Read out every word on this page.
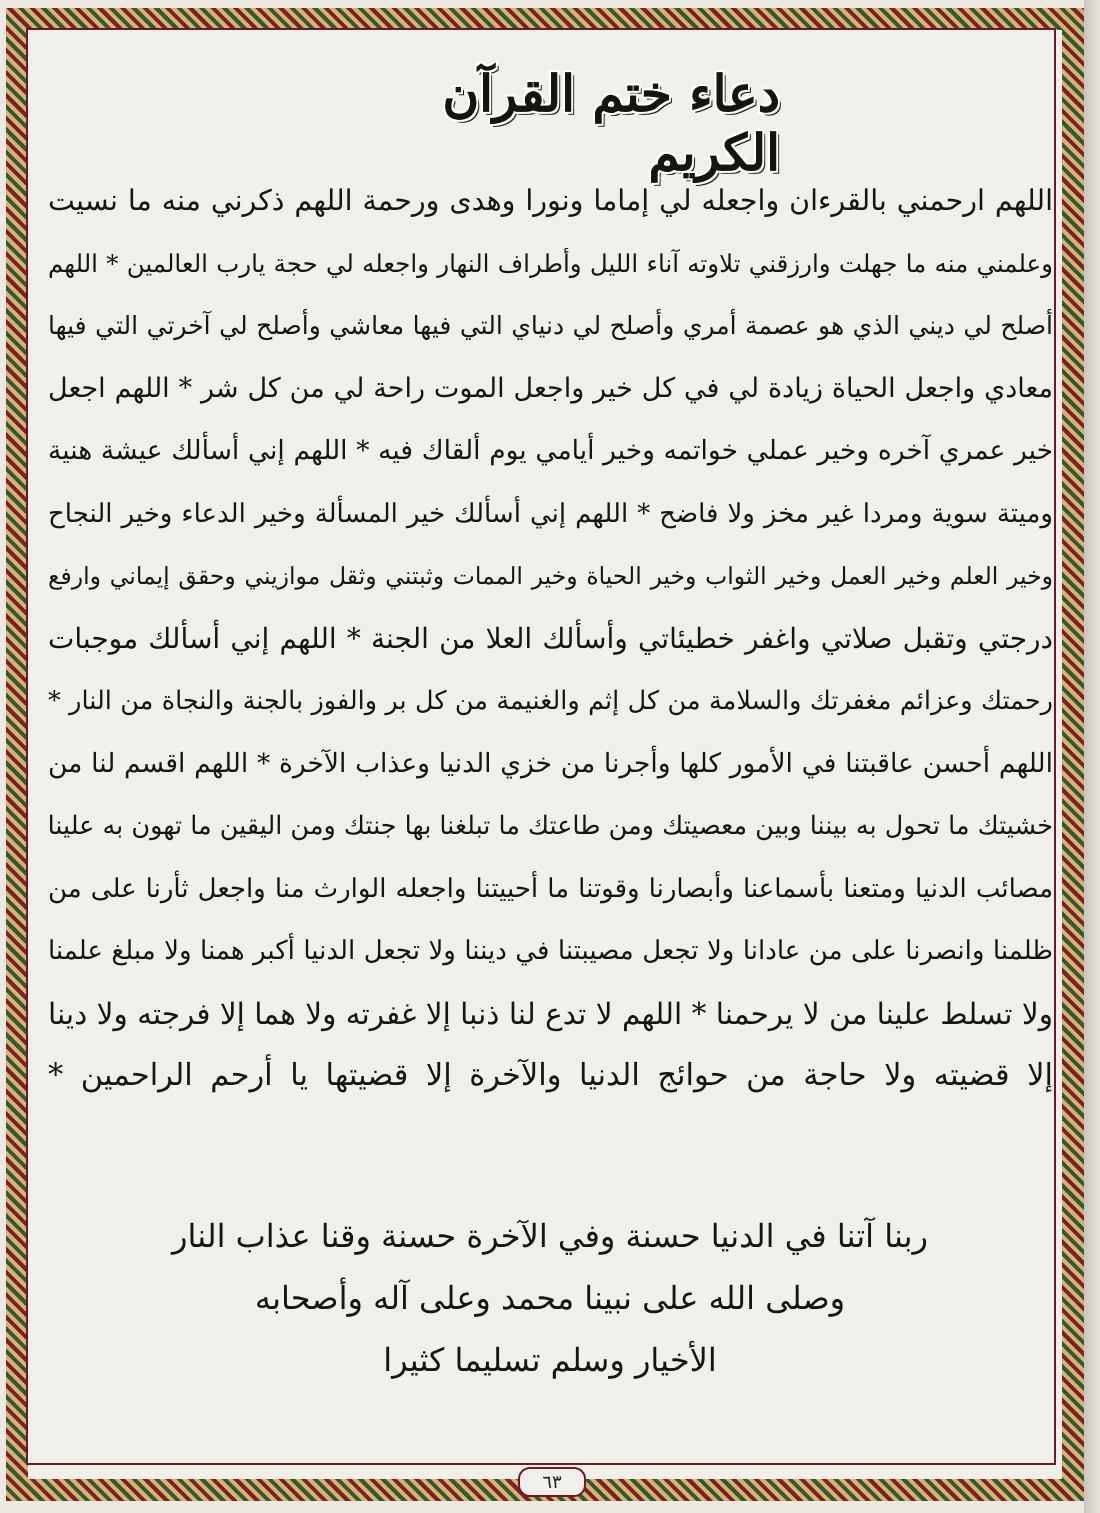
دعاء ختم القرآن الكريم
اللهم ارحمني بالقرءان واجعله لي إماما ونورا وهدى ورحمة اللهم ذكرني منه ما نسيت
وعلمني منه ما جهلت وارزقني تلاوته آناء الليل وأطراف النهار واجعله لي حجة يارب العالمين * اللهم
أصلح لي ديني الذي هو عصمة أمري وأصلح لي دنياي التي فيها معاشي وأصلح لي آخرتي التي فيها
معادي واجعل الحياة زيادة لي في كل خير واجعل الموت راحة لي من كل شر * اللهم اجعل
خير عمري آخره وخير عملي خواتمه وخير أيامي يوم ألقاك فيه * اللهم إني أسألك عيشة هنية
وميتة سوية ومردا غير مخز ولا فاضح * اللهم إني أسألك خير المسألة وخير الدعاء وخير النجاح
وخير العلم وخير العمل وخير الثواب وخير الحياة وخير الممات وثبتني وثقل موازيني وحقق إيماني وارفع
درجتي وتقبل صلاتي واغفر خطيئاتي وأسألك العلا من الجنة * اللهم إني أسألك موجبات
رحمتك وعزائم مغفرتك والسلامة من كل إثم والغنيمة من كل بر والفوز بالجنة والنجاة من النار *
اللهم أحسن عاقبتنا في الأمور كلها وأجرنا من خزي الدنيا وعذاب الآخرة * اللهم اقسم لنا من
خشيتك ما تحول به بيننا وبين معصيتك ومن طاعتك ما تبلغنا بها جنتك ومن اليقين ما تهون به علينا
مصائب الدنيا ومتعنا بأسماعنا وأبصارنا وقوتنا ما أحييتنا واجعله الوارث منا واجعل ثأرنا على من
ظلمنا وانصرنا على من عادانا ولا تجعل مصيبتنا في ديننا ولا تجعل الدنيا أكبر همنا ولا مبلغ علمنا
ولا تسلط علينا من لا يرحمنا * اللهم لا تدع لنا ذنبا إلا غفرته ولا هما إلا فرجته ولا دينا
إلا قضيته ولا حاجة من حوائج الدنيا والآخرة إلا قضيتها يا أرحم الراحمين *
ربنا آتنا في الدنيا حسنة وفي الآخرة حسنة وقنا عذاب النار
وصلى الله على نبينا محمد وعلى آله وأصحابه
الأخيار وسلم تسليما كثيرا
٦٣
